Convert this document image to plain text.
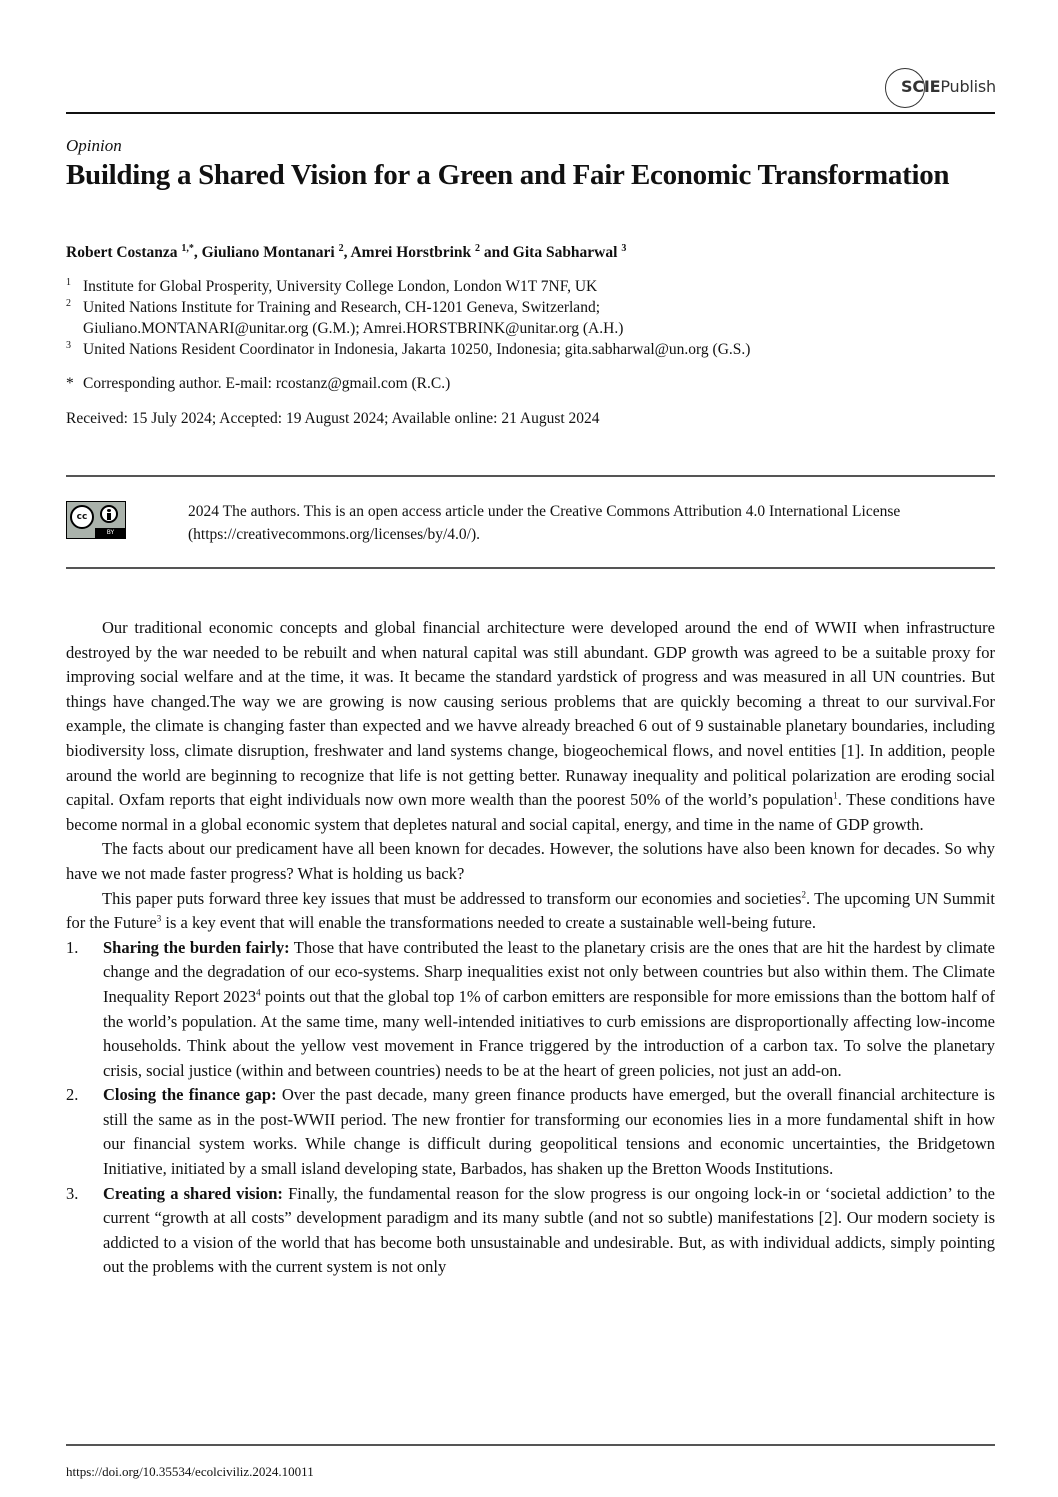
SCIEPublish
Opinion
Building a Shared Vision for a Green and Fair Economic Transformation
Robert Costanza $^{1,*}$, Giuliano Montanari $^2$, Amrei Horstbrink $^2$ and Gita Sabharwal $^3$
1 Institute for Global Prosperity, University College London, London W1T 7NF, UK
2 United Nations Institute for Training and Research, CH-1201 Geneva, Switzerland;
Giuliano.MONTANARI@unitar.org (G.M.); Amrei.HORSTBRINK@unitar.org (A.H.)
3 United Nations Resident Coordinator in Indonesia, Jakarta 10250, Indonesia; gita.sabharwal@un.org (G.S.)
* Corresponding author. E-mail: rcostanz@gmail.com (R.C.)
Received: 15 July 2024; Accepted: 19 August 2024; Available online: 21 August 2024
cc
BY
2024 The authors. This is an open access article under the Creative Commons Attribution 4.0 International License
(https://creativecommons.org/licenses/by/4.0/).

Our traditional economic concepts and global financial architecture were developed around the end of WWII when infrastructure destroyed by the war needed to be rebuilt and when natural capital was still abundant. GDP growth was agreed to be a suitable proxy for improving social welfare and at the time, it was. It became the standard yardstick of progress and was measured in all UN countries. But things have changed.The way we are growing is now causing serious problems that are quickly becoming a threat to our survival.For example, the climate is changing faster than expected and we havve already breached 6 out of 9 sustainable planetary boundaries, including biodiversity loss, climate disruption, freshwater and land systems change, biogeochemical flows, and novel entities [1]. In addition, people around the world are beginning to recognize that life is not getting better. Runaway inequality and political polarization are eroding social capital. Oxfam reports that eight individuals now own more wealth than the poorest 50% of the world’s population$^1$. These conditions have become normal in a global economic system that depletes natural and social capital, energy, and time in the name of GDP growth.

The facts about our predicament have all been known for decades. However, the solutions have also been known for decades. So why have we not made faster progress? What is holding us back?

This paper puts forward three key issues that must be addressed to transform our economies and societies$^2$. The upcoming UN Summit for the Future$^3$ is a key event that will enable the transformations needed to create a sustainable well-being future.

1. Sharing the burden fairly: Those that have contributed the least to the planetary crisis are the ones that are hit the hardest by climate change and the degradation of our eco-systems. Sharp inequalities exist not only between countries but also within them. The Climate Inequality Report 2023$^4$ points out that the global top 1% of carbon emitters are responsible for more emissions than the bottom half of the world’s population. At the same time, many well-intended initiatives to curb emissions are disproportionally affecting low-income households. Think about the yellow vest movement in France triggered by the introduction of a carbon tax. To solve the planetary crisis, social justice (within and between countries) needs to be at the heart of green policies, not just an add-on.
2. Closing the finance gap: Over the past decade, many green finance products have emerged, but the overall financial architecture is still the same as in the post-WWII period. The new frontier for transforming our economies lies in a more fundamental shift in how our financial system works. While change is difficult during geopolitical tensions and economic uncertainties, the Bridgetown Initiative, initiated by a small island developing state, Barbados, has shaken up the Bretton Woods Institutions.
3. Creating a shared vision: Finally, the fundamental reason for the slow progress is our ongoing lock-in or ‘societal addiction’ to the current “growth at all costs” development paradigm and its many subtle (and not so subtle) manifestations [2]. Our modern society is addicted to a vision of the world that has become both unsustainable and undesirable. But, as with individual addicts, simply pointing out the problems with the current system is not only
https://doi.org/10.35534/ecolciviliz.2024.10011
